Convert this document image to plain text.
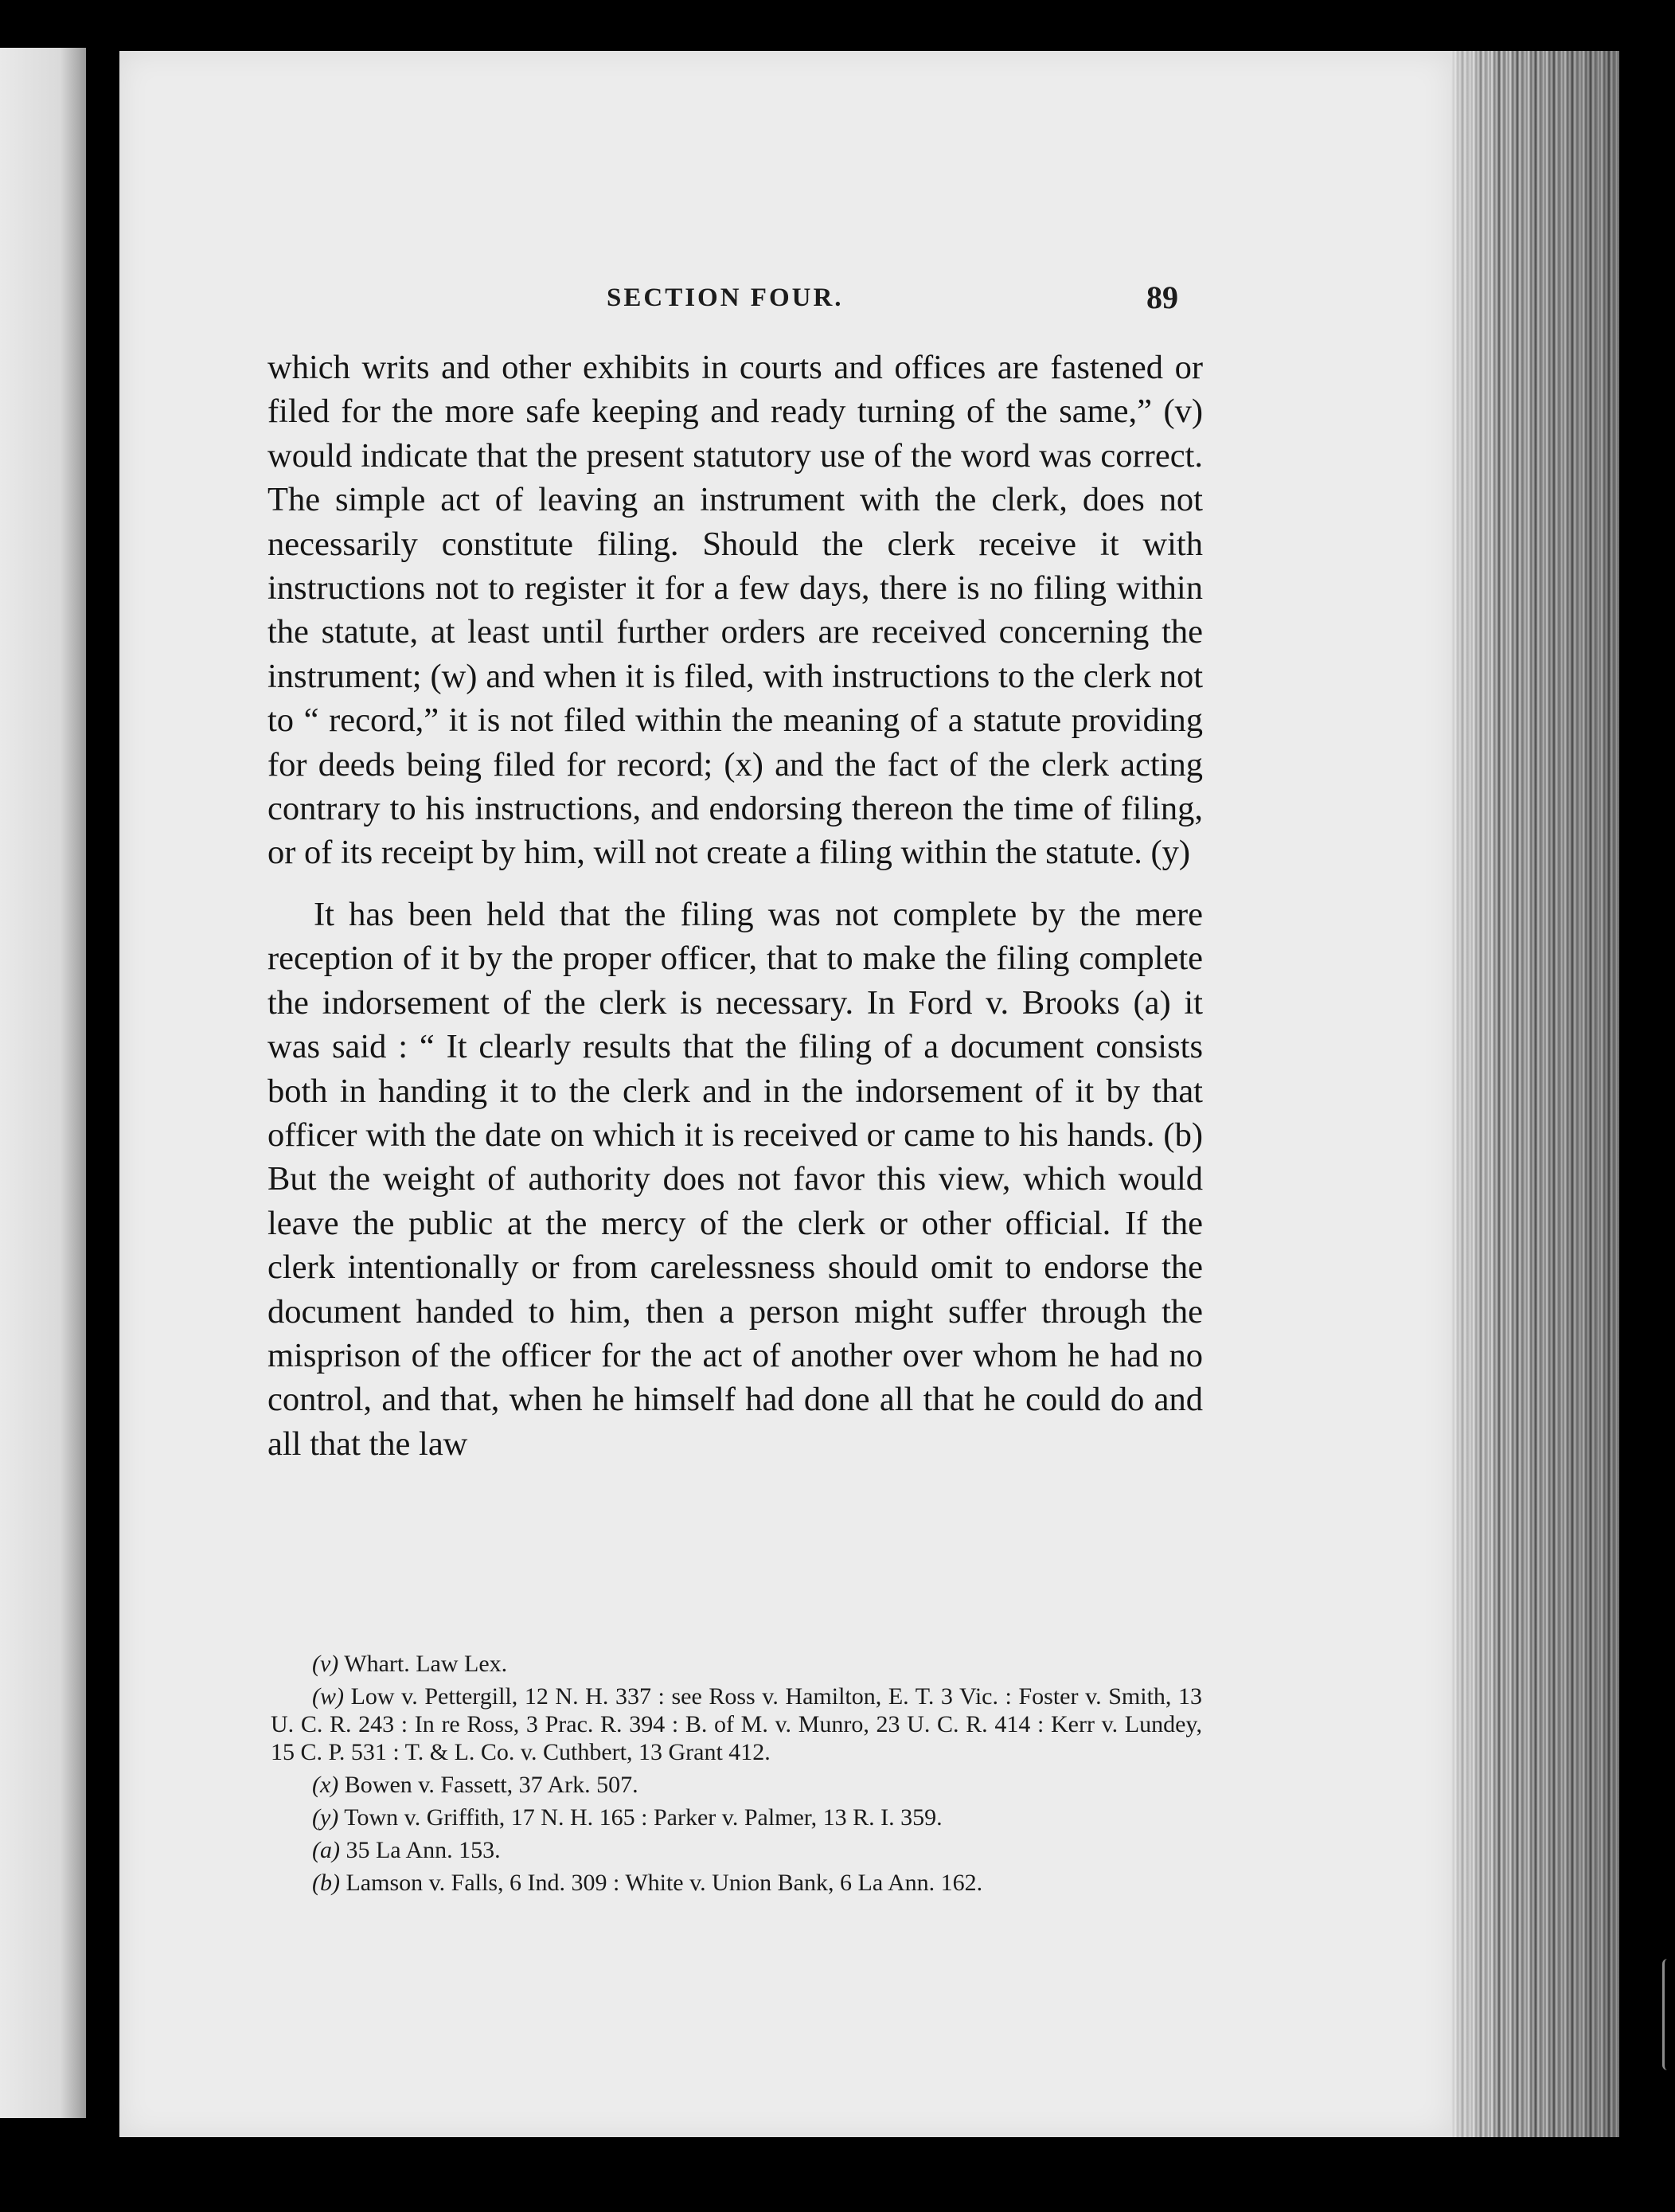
SECTION FOUR.	89

which writs and other exhibits in courts and offices are fastened or filed for the more safe keeping and ready turning of the same,” (v) would indicate that the present statutory use of the word was correct. The simple act of leaving an instrument with the clerk, does not necessarily constitute filing. Should the clerk receive it with instructions not to register it for a few days, there is no filing within the statute, at least until further orders are received concerning the instrument; (w) and when it is filed, with instructions to the clerk not to “ record,” it is not filed within the meaning of a statute providing for deeds being filed for record; (x) and the fact of the clerk acting contrary to his instructions, and endorsing thereon the time of filing, or of its receipt by him, will not create a filing within the statute. (y)

It has been held that the filing was not complete by the mere reception of it by the proper officer, that to make the filing complete the indorsement of the clerk is necessary. In Ford v. Brooks (a) it was said : “ It clearly results that the filing of a document consists both in handing it to the clerk and in the indorsement of it by that officer with the date on which it is received or came to his hands. (b) But the weight of authority does not favor this view, which would leave the public at the mercy of the clerk or other official. If the clerk intentionally or from carelessness should omit to endorse the document handed to him, then a person might suffer through the misprison of the officer for the act of another over whom he had no control, and that, when he himself had done all that he could do and all that the law

(v) Whart. Law Lex.

(w) Low v. Pettergill, 12 N. H. 337 : see Ross v. Hamilton, E. T. 3 Vic. : Foster v. Smith, 13 U. C. R. 243 : In re Ross, 3 Prac. R. 394 : B. of M. v. Munro, 23 U. C. R. 414 : Kerr v. Lundey, 15 C. P. 531 : T. & L. Co. v. Cuthbert, 13 Grant 412.

(x) Bowen v. Fassett, 37 Ark. 507.

(y) Town v. Griffith, 17 N. H. 165 : Parker v. Palmer, 13 R. I. 359.

(a) 35 La Ann. 153.

(b) Lamson v. Falls, 6 Ind. 309 : White v. Union Bank, 6 La Ann. 162.
